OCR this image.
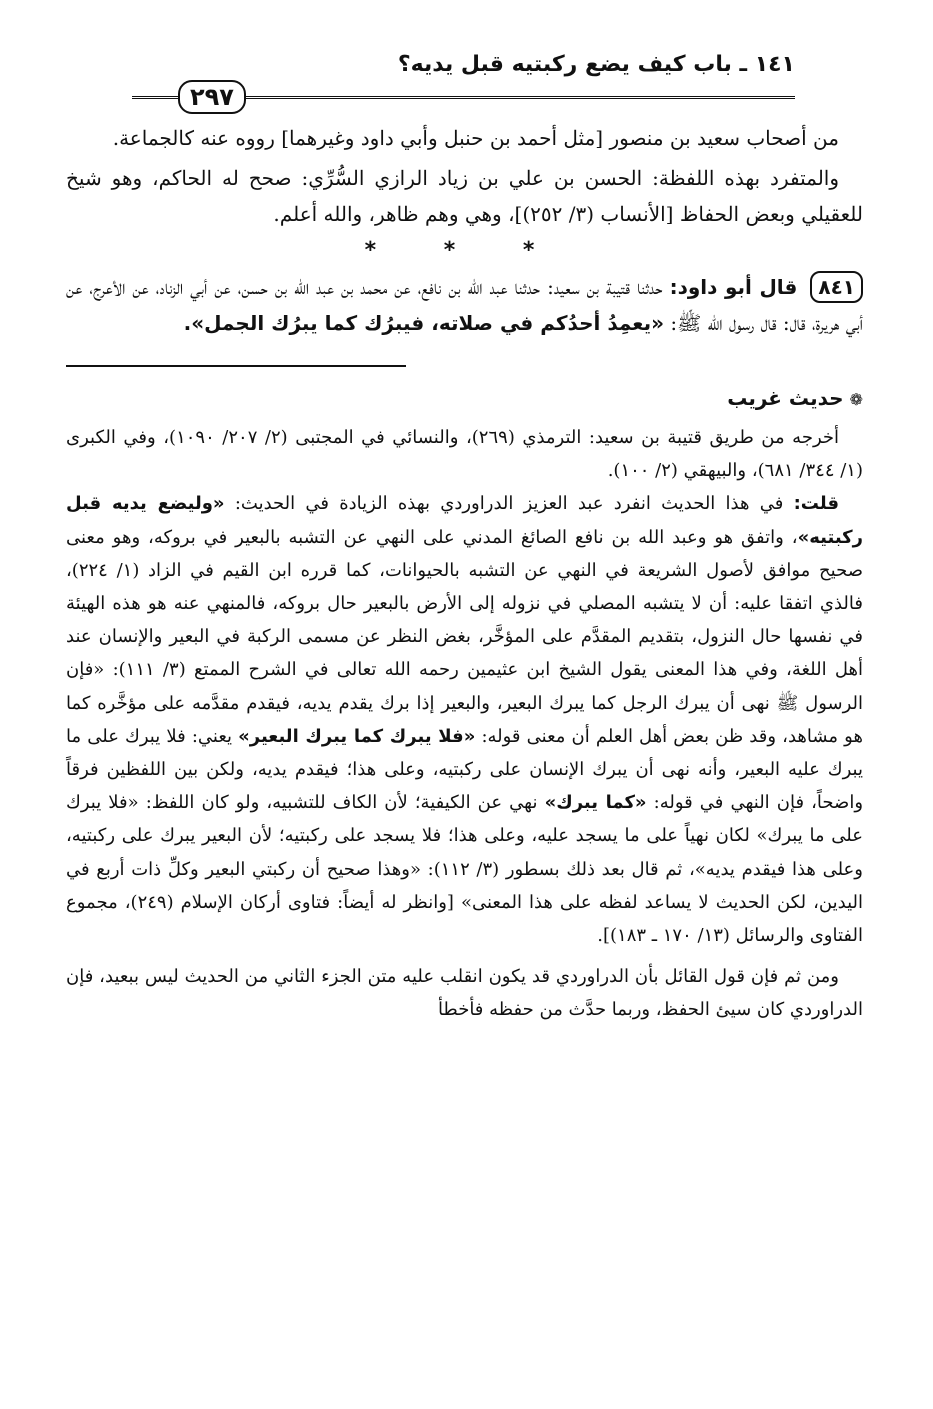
١٤١ ـ باب كيف يضع ركبتيه قبل يديه؟
٢٩٧

من أصحاب سعيد بن منصور [مثل أحمد بن حنبل وأبي داود وغيرهما] رووه عنه كالجماعة.

والمتفرد بهذه اللفظة: الحسن بن علي بن زياد الرازي السُّرِّي: صحح له الحاكم، وهو شيخ للعقيلي وبعض الحفاظ [الأنساب (٣/ ٢٥٢)]، وهي وهم ظاهر، والله أعلم.

* * *

٨٤١ قال أبو داود: حدثنا قتيبة بن سعيد: حدثنا عبد الله بن نافع، عن محمد بن عبد الله بن حسن، عن أبي الزناد، عن الأعرج، عن أبي هريرة، قال: قال رسول الله ﷺ: «يعمِدُ أحدُكم في صلاته، فيبرُك كما يبرُك الجمل».

❁حديث غريب

أخرجه من طريق قتيبة بن سعيد: الترمذي (٢٦٩)، والنسائي في المجتبى (٢/ ٢٠٧/ ١٠٩٠)، وفي الكبرى (١/ ٣٤٤/ ٦٨١)، والبيهقي (٢/ ١٠٠).

قلت: في هذا الحديث انفرد عبد العزيز الدراوردي بهذه الزيادة في الحديث: «وليضع يديه قبل ركبتيه»، واتفق هو وعبد الله بن نافع الصائغ المدني على النهي عن التشبه بالبعير في بروكه، وهو معنى صحيح موافق لأصول الشريعة في النهي عن التشبه بالحيوانات، كما قرره ابن القيم في الزاد (١/ ٢٢٤)، فالذي اتفقا عليه: أن لا يتشبه المصلي في نزوله إلى الأرض بالبعير حال بروكه، فالمنهي عنه هو هذه الهيئة في نفسها حال النزول، بتقديم المقدَّم على المؤخَّر، بغض النظر عن مسمى الركبة في البعير والإنسان عند أهل اللغة، وفي هذا المعنى يقول الشيخ ابن عثيمين رحمه الله تعالى في الشرح الممتع (٣/ ١١١): «فإن الرسول ﷺ نهى أن يبرك الرجل كما يبرك البعير، والبعير إذا برك يقدم يديه، فيقدم مقدَّمه على مؤخَّره كما هو مشاهد، وقد ظن بعض أهل العلم أن معنى قوله: «فلا يبرك كما يبرك البعير» يعني: فلا يبرك على ما يبرك عليه البعير، وأنه نهى أن يبرك الإنسان على ركبتيه، وعلى هذا؛ فيقدم يديه، ولكن بين اللفظين فرقاً واضحاً، فإن النهي في قوله: «كما يبرك» نهي عن الكيفية؛ لأن الكاف للتشبيه، ولو كان اللفظ: «فلا يبرك على ما يبرك» لكان نهياً على ما يسجد عليه، وعلى هذا؛ فلا يسجد على ركبتيه؛ لأن البعير يبرك على ركبتيه، وعلى هذا فيقدم يديه»، ثم قال بعد ذلك بسطور (٣/ ١١٢): «وهذا صحيح أن ركبتي البعير وكلِّ ذات أربع في اليدين، لكن الحديث لا يساعد لفظه على هذا المعنى» [وانظر له أيضاً: فتاوى أركان الإسلام (٢٤٩)، مجموع الفتاوى والرسائل (١٣/ ١٧٠ ـ ١٨٣)].

ومن ثم فإن قول القائل بأن الدراوردي قد يكون انقلب عليه متن الجزء الثاني من الحديث ليس ببعيد، فإن الدراوردي كان سيئ الحفظ، وربما حدَّث من حفظه فأخطأ
